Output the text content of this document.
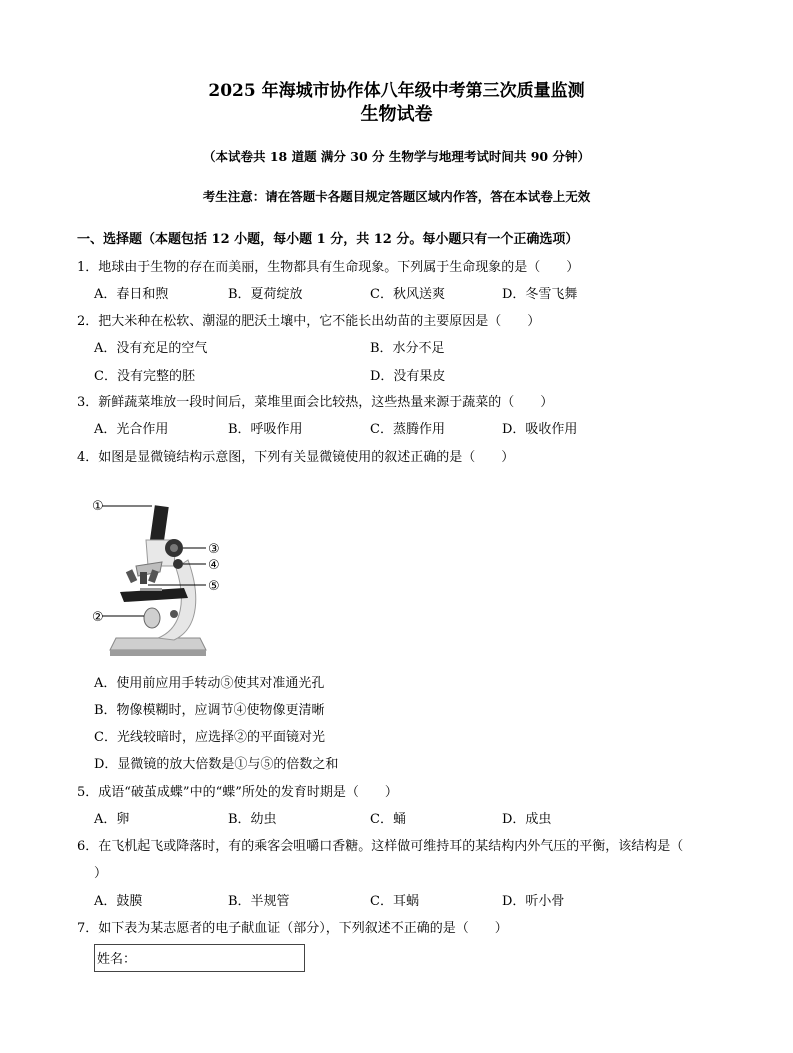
2025 年海城市协作体八年级中考第三次质量监测
生物试卷
（本试卷共 18 道题 满分 30 分 生物学与地理考试时间共 90 分钟）
考生注意：请在答题卡各题目规定答题区域内作答，答在本试卷上无效
一、选择题（本题包括 12 小题，每小题 1 分，共 12 分。每小题只有一个正确选项）
1．地球由于生物的存在而美丽，生物都具有生命现象。下列属于生命现象的是（　　）
A．春日和煦	B．夏荷绽放	C．秋风送爽	D．冬雪飞舞
2．把大米种在松软、潮湿的肥沃土壤中，它不能长出幼苗的主要原因是（　　）
A．没有充足的空气	B．水分不足
C．没有完整的胚	D．没有果皮
3．新鲜蔬菜堆放一段时间后，菜堆里面会比较热，这些热量来源于蔬菜的（　　）
A．光合作用	B．呼吸作用	C．蒸腾作用	D．吸收作用
4．如图是显微镜结构示意图，下列有关显微镜使用的叙述正确的是（　　）
①
②
③
④
⑤
A．使用前应用手转动⑤使其对准通光孔
B．物像模糊时，应调节④使物像更清晰
C．光线较暗时，应选择②的平面镜对光
D．显微镜的放大倍数是①与⑤的倍数之和
5．成语“破茧成蝶”中的“蝶”所处的发育时期是（　　）
A．卵	B．幼虫	C．蛹	D．成虫
6．在飞机起飞或降落时，有的乘客会咀嚼口香糖。这样做可维持耳的某结构内外气压的平衡，该结构是（
）
A．鼓膜	B．半规管	C．耳蜗	D．听小骨
7．如下表为某志愿者的电子献血证（部分），下列叙述不正确的是（　　）
姓名：
